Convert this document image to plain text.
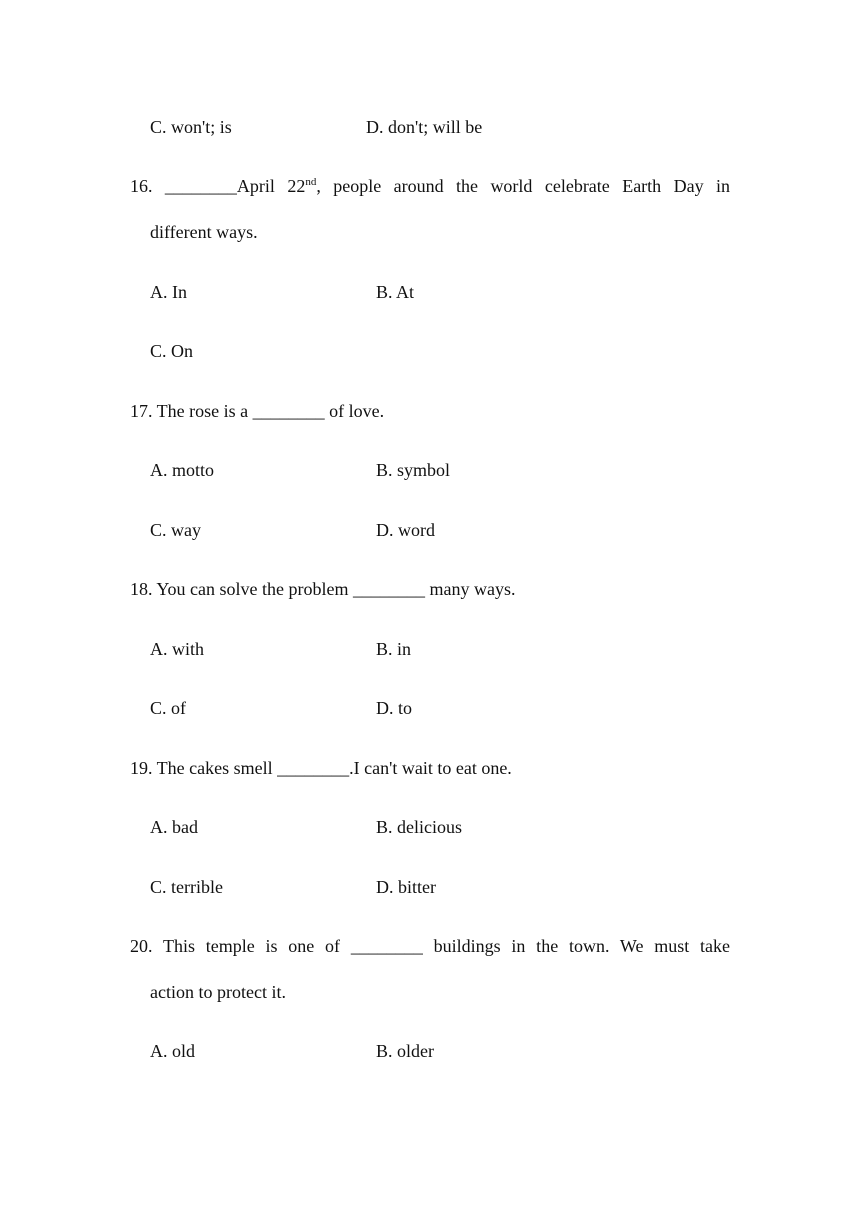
C. won't; is	D. don't; will be
16. ________April 22nd, people around the world celebrate Earth Day in
different ways.
A. In	B. At
C. On
17. The rose is a ________ of love.
A. motto	B. symbol
C. way	D. word
18. You can solve the problem ________ many ways.
A. with	B. in
C. of	D. to
19. The cakes smell ________.I can't wait to eat one.
A. bad	B. delicious
C. terrible	D. bitter
20. This temple is one of ________ buildings in the town. We must take
action to protect it.
A. old	B. older
